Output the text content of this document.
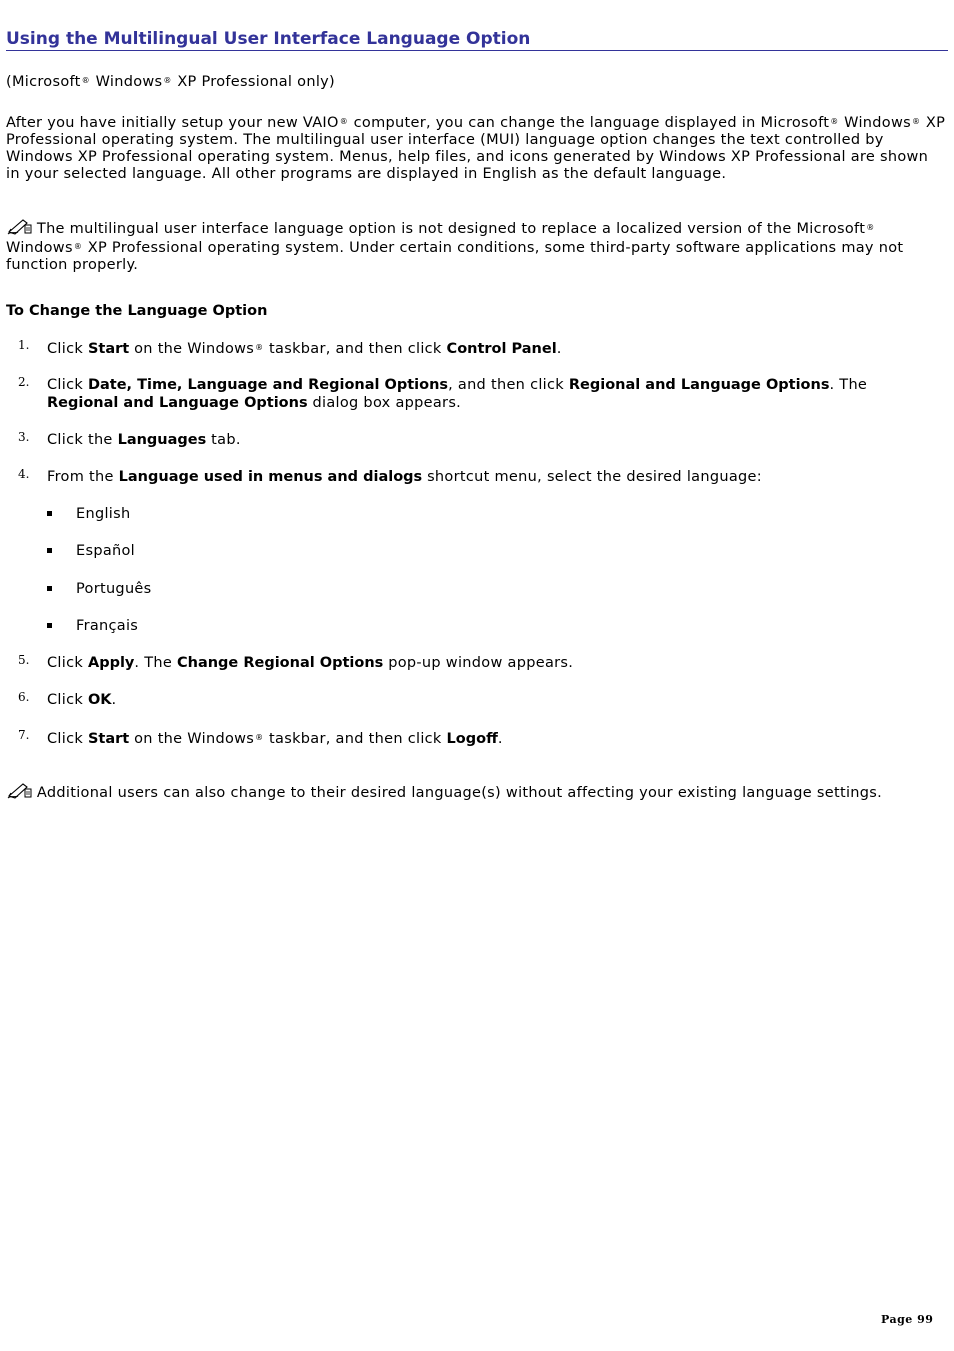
Using the Multilingual User Interface Language Option
(Microsoft® Windows® XP Professional only)
After you have initially setup your new VAIO® computer, you can change the language displayed in Microsoft® Windows® XP Professional operating system. The multilingual user interface (MUI) language option changes the text controlled by Windows XP Professional operating system. Menus, help files, and icons generated by Windows XP Professional are shown in your selected language. All other programs are displayed in English as the default language.
The multilingual user interface language option is not designed to replace a localized version of the Microsoft® Windows® XP Professional operating system. Under certain conditions, some third-party software applications may not function properly.
To Change the Language Option
1. Click Start on the Windows® taskbar, and then click Control Panel.
2. Click Date, Time, Language and Regional Options, and then click Regional and Language Options. The
Regional and Language Options dialog box appears.
3. Click the Languages tab.
4. From the Language used in menus and dialogs shortcut menu, select the desired language:
English
Español
Português
Français
5. Click Apply. The Change Regional Options pop-up window appears.
6. Click OK.
7. Click Start on the Windows® taskbar, and then click Logoff.
Additional users can also change to their desired language(s) without affecting your existing language settings.
Page 99
